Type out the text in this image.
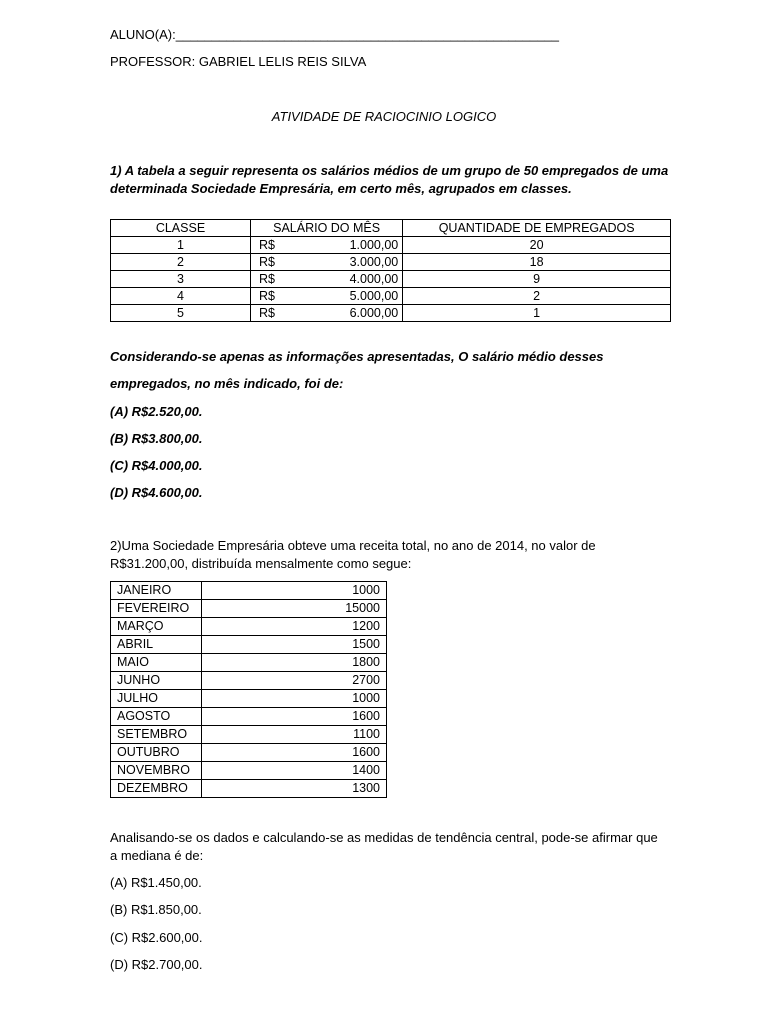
ALUNO(A):_____________________________________________________
PROFESSOR: GABRIEL LELIS REIS SILVA
ATIVIDADE DE RACIOCINIO LOGICO
1) A tabela a seguir representa os salários médios de um grupo de 50 empregados de uma
determinada Sociedade Empresária, em certo mês, agrupados em classes.
CLASSE	SALÁRIO DO MÊS	QUANTIDADE DE EMPREGADOS
1	R$ 1.000,00	20
2	R$ 3.000,00	18
3	R$ 4.000,00	9
4	R$ 5.000,00	2
5	R$ 6.000,00	1
Considerando-se apenas as informações apresentadas, O salário médio desses
empregados, no mês indicado, foi de:
(A) R$2.520,00.
(B) R$3.800,00.
(C) R$4.000,00.
(D) R$4.600,00.
2)Uma Sociedade Empresária obteve uma receita total, no ano de 2014, no valor de
R$31.200,00, distribuída mensalmente como segue:
JANEIRO	1000
FEVEREIRO	15000
MARÇO	1200
ABRIL	1500
MAIO	1800
JUNHO	2700
JULHO	1000
AGOSTO	1600
SETEMBRO	1100
OUTUBRO	1600
NOVEMBRO	1400
DEZEMBRO	1300
Analisando-se os dados e calculando-se as medidas de tendência central, pode-se afirmar que
a mediana é de:
(A) R$1.450,00.
(B) R$1.850,00.
(C) R$2.600,00.
(D) R$2.700,00.
